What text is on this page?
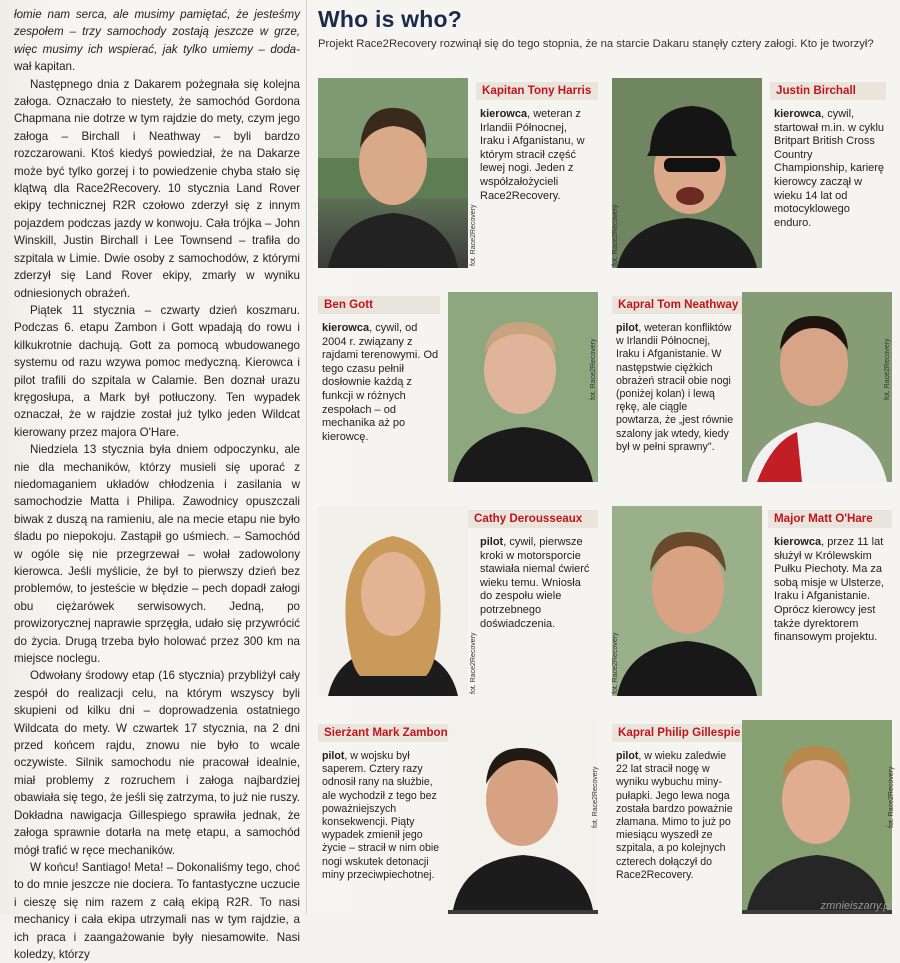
łomie nam serca, ale musimy pamiętać, że jesteśmy zespołem – trzy samochody zostają jeszcze w grze, więc musimy ich wspierać, jak tylko umiemy – doda- wał kapitan.

Następnego dnia z Dakarem pożegnała się kolejna załoga. Oznaczało to niestety, że samochód Gordona Chapmana nie dotrze w tym rajdzie do mety, czym jego załoga – Birchall i Neathway – byli bardzo rozczarowani. Ktoś kiedyś powiedział, że na Dakarze może być tylko gorzej i to powiedzenie chyba stało się klątwą dla Race2Recovery. 10 stycznia Land Rover ekipy technicznej R2R czołowo zderzył się z innym pojazdem podczas jazdy w konwoju. Cała trójka – John Winskill, Justin Birchall i Lee Townsend – trafiła do szpitala w Limie. Dwie osoby z samochodów, z którymi zderzył się Land Rover ekipy, zmarły w wyniku odniesionych obrażeń.

Piątek 11 stycznia – czwarty dzień koszmaru. Podczas 6. etapu Zambon i Gott wpadają do rowu i kilkukrotnie dachują. Gott za pomocą wbudowanego systemu od razu wzywa pomoc medyczną. Kierowca i pilot trafili do szpitala w Calamie. Ben doznał urazu kręgosłupa, a Mark był potłuczony. Ten wypadek oznaczał, że w rajdzie został już tylko jeden Wildcat kierowany przez majora O'Hare.

Niedziela 13 stycznia była dniem odpoczynku, ale nie dla mechaników, którzy musieli się uporać z niedomaganiem układów chłodzenia i zasilania w samochodzie Matta i Philipa. Zawodnicy opuszczali biwak z duszą na ramieniu, ale na mecie etapu nie było śladu po niepokoju. Zastąpił go uśmiech. – Samochód w ogóle się nie przegrzewał – wołał zadowolony kierowca. Jeśli myślicie, że był to pierwszy dzień bez problemów, to jesteście w błędzie – pech dopadł załogi obu ciężarówek serwisowych. Jedną, po prowizorycznej naprawie sprzęgła, udało się przywrócić do życia. Drugą trzeba było holować przez 300 km na miejsce noclegu.

Odwołany środowy etap (16 stycznia) przybliżył cały zespół do realizacji celu, na którym wszyscy byli skupieni od kilku dni – doprowadzenia ostatniego Wildcata do mety. W czwartek 17 stycznia, na 2 dni przed końcem rajdu, znowu nie było to wcale oczywiste. Silnik samochodu nie pracował idealnie, miał problemy z rozruchem i załoga najbardziej obawiała się tego, że jeśli się zatrzyma, to już nie ruszy. Dokładna nawigacja Gillespiego sprawiła jednak, że załoga sprawnie dotarła na metę etapu, a samochód mógł trafić w ręce mechaników.

W końcu! Santiago! Meta! – Dokonaliśmy tego, choć to do mnie jeszcze nie dociera. To fantastyczne uczucie i cieszę się nim razem z całą ekipą R2R. To nasi mechanicy i cała ekipa utrzymali nas w tym rajdzie, a ich praca i zaangażowanie były niesamowite. Nasi koledzy, którzy

Who is who?
Projekt Race2Recovery rozwinął się do tego stopnia, że na starcie Dakaru stanęły cztery załogi. Kto je tworzył?
fot. Race2Recovery
Kapitan Tony Harris
kierowca, weteran z Irlandii Północnej, Iraku i Afganistanu, w którym stracił część lewej nogi. Jeden z współzałożycieli Race2Recovery.
fot. Race2Recovery
Justin Birchall
kierowca, cywil, startował m.in. w cyklu Britpart British Cross Country Championship, karierę kierowcy zaczął w wieku 14 lat od motocyklowego enduro.
Ben Gott
kierowca, cywil, od 2004 r. związany z rajdami terenowymi. Od tego czasu pełnił dosłownie każdą z funkcji w różnych zespołach – od mechanika aż po kierowcę.
fot. Race2Recovery
Kapral Tom Neathway
pilot, weteran konfliktów w Irlandii Północnej, Iraku i Afganistanie. W następstwie ciężkich obrażeń stracił obie nogi (poniżej kolan) i lewą rękę, ale ciągle powtarza, że „jest równie szalony jak wtedy, kiedy był w pełni sprawny".
fot. Race2Recovery
fot. Race2Recovery
Cathy Derousseaux
pilot, cywil, pierwsze kroki w motorsporcie stawiała niemal ćwierć wieku temu. Wniosła do zespołu wiele potrzebnego doświadczenia.
fot. Race2Recovery
Major Matt O'Hare
kierowca, przez 11 lat służył w Królewskim Pułku Piechoty. Ma za sobą misje w Ulsterze, Iraku i Afganistanie. Oprócz kierowcy jest także dyrektorem finansowym projektu.
Sierżant Mark Zambon
pilot, w wojsku był saperem. Cztery razy odnosił rany na służbie, ale wychodził z tego bez poważniejszych konsekwencji. Piąty wypadek zmienił jego życie – stracił w nim obie nogi wskutek detonacji miny przeciwpiechotnej.
fot. Race2Recovery
Kapral Philip Gillespie
pilot, w wieku zaledwie 22 lat stracił nogę w wyniku wybuchu miny-pułapki. Jego lewa noga została bardzo poważnie złamana. Mimo to już po miesiącu wyszedł ze szpitala, a po kolejnych czterech dołączył do Race2Recovery.
fot. Race2Recovery
zmnieiszany.pl
